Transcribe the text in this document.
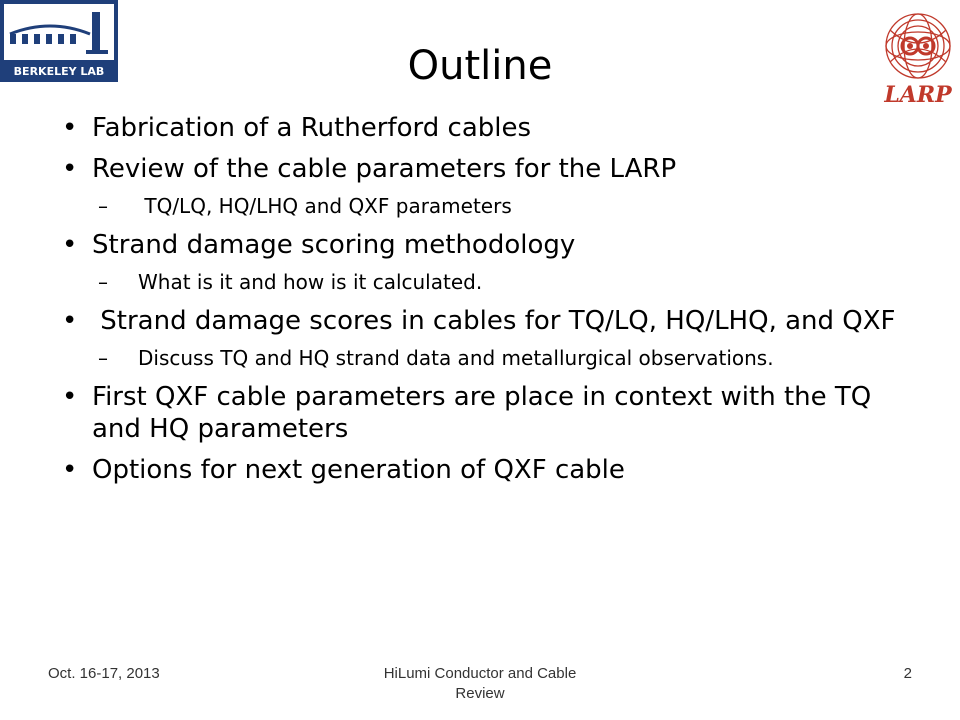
BERKELEY LAB
LARP
Outline
• Fabrication of a Rutherford cables
• Review of the cable parameters for the LARP
– TQ/LQ, HQ/LHQ and QXF parameters
• Strand damage scoring methodology
– What is it and how is it calculated.
• Strand damage scores in cables for TQ/LQ, HQ/LHQ, and QXF
– Discuss TQ and HQ strand data and metallurgical observations.
• First QXF cable parameters are place in context with the TQ and HQ parameters
• Options for next generation of QXF cable
Oct. 16-17, 2013	HiLumi Conductor and Cable Review
2
